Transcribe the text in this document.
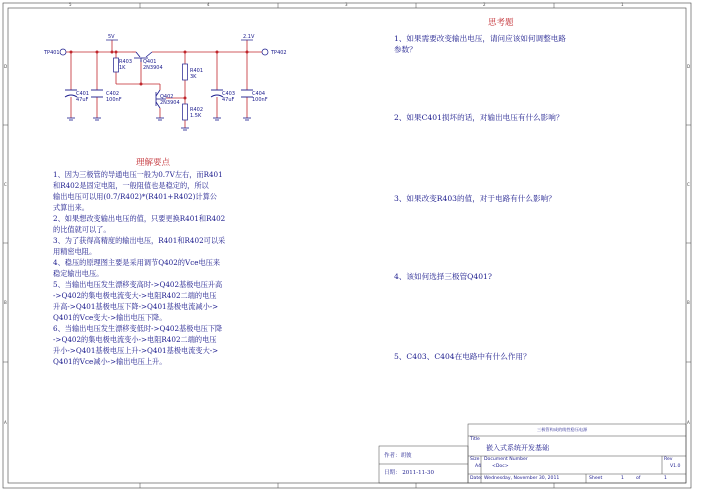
TP401	TP402
5V	2.1V
R403
1K
Q401
2N3904	R401
3K
Q402
2N3904
R402
1.5K
C401
47uF
C402
100nF
C403
47uF
C404
100nF
5	4	3	2	1
D
C
B
A
D
C
B
A
理解要点
1、因为三极管的导通电压一般为0.7V左右，而R401
和R402是固定电阻，一般阻值也是稳定的，所以
输出电压可以用(0.7/R402)*(R401+R402)计算公
式算出来。
2、如果想改变输出电压的值，只要更换R401和R402
的比值就可以了。
3、为了获得高精度的输出电压，R401和R402可以采
用精密电阻。
4、稳压的原理图主要是采用调节Q402的Vce电压来
稳定输出电压。
5、当输出电压发生漂移变高时->Q402基极电压升高
->Q402的集电极电流变大->电阻R402二端的电压
升高->Q401基极电压下降->Q401基极电流减小->
Q401的Vce变大->输出电压下降。
6、当输出电压发生漂移变低时->Q402基极电压下降
->Q402的集电极电流变小->电阻R402二端的电压
升小->Q401基极电压上升->Q401基极电流变大->
Q401的Vce减小->输出电压上升。
思考题
1、如果需要改变输出电压，请问应该如何调整电路
参数？
2、如果C401损坏的话，对输出电压有什么影响？
3、如果改变R403的值，对于电路有什么影响？
4、该如何选择三极管Q401?
5、C403、C404在电路中有什么作用？
三极管构成的线性稳压电源
作者：胡彼
日期： 2011-11-30
Title
嵌入式系统开发基础
Size
A4
Document Number
<Doc>
Rev
V1.0
Date: Wednesday, November 30, 2011	Sheet	1	of	1
